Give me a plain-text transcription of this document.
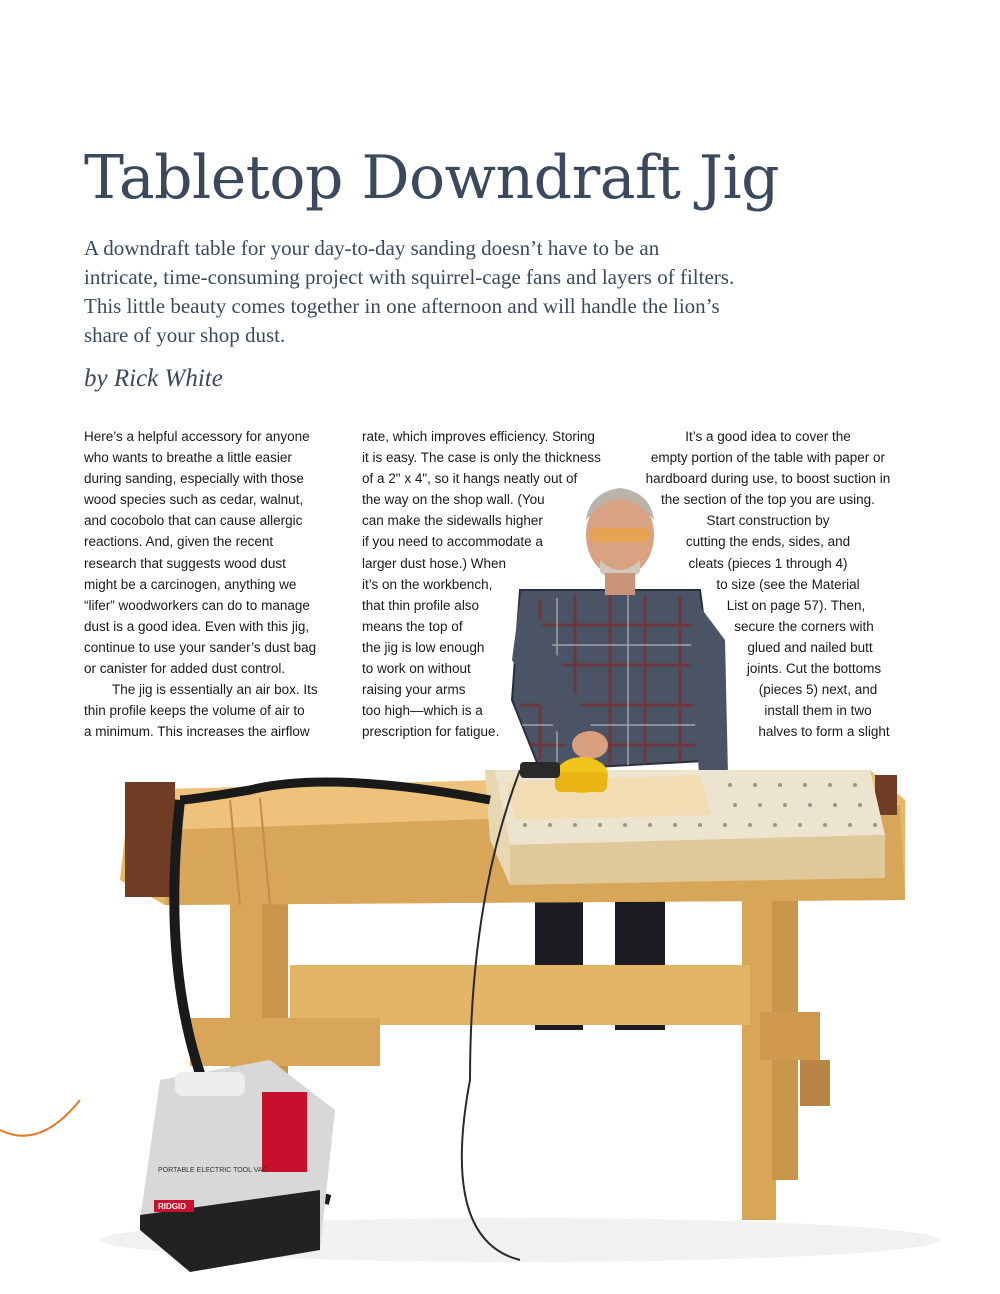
Tabletop Downdraft Jig
A downdraft table for your day-to-day sanding doesn’t have to be an
intricate, time-consuming project with squirrel-cage fans and layers of filters.
This little beauty comes together in one afternoon and will handle the lion’s
share of your shop dust.
by Rick White
PORTABLE ELECTRIC TOOL VAC
RIDGID
Here’s a helpful accessory for anyone
who wants to breathe a little easier
during sanding, especially with those
wood species such as cedar, walnut,
and cocobolo that can cause allergic
reactions. And, given the recent
research that suggests wood dust
might be a carcinogen, anything we
“lifer” woodworkers can do to manage
dust is a good idea. Even with this jig,
continue to use your sander’s dust bag
or canister for added dust control.
The jig is essentially an air box. Its
thin profile keeps the volume of air to
a minimum. This increases the airflow
rate, which improves efficiency. Storing
it is easy. The case is only the thickness
of a 2" x 4", so it hangs neatly out of
the way on the shop wall. (You
can make the sidewalls higher
if you need to accommodate a
larger dust hose.) When
it’s on the workbench,
that thin profile also
means the top of
the jig is low enough
to work on without
raising your arms
too high—which is a
prescription for fatigue.
It’s a good idea to cover the
empty portion of the table with paper or
hardboard during use, to boost suction in
the section of the top you are using.
Start construction by
cutting the ends, sides, and
cleats (pieces 1 through 4)
to size (see the Material
List on page 57). Then,
secure the corners with
glued and nailed butt
joints. Cut the bottoms
(pieces 5) next, and
install them in two
halves to form a slight
